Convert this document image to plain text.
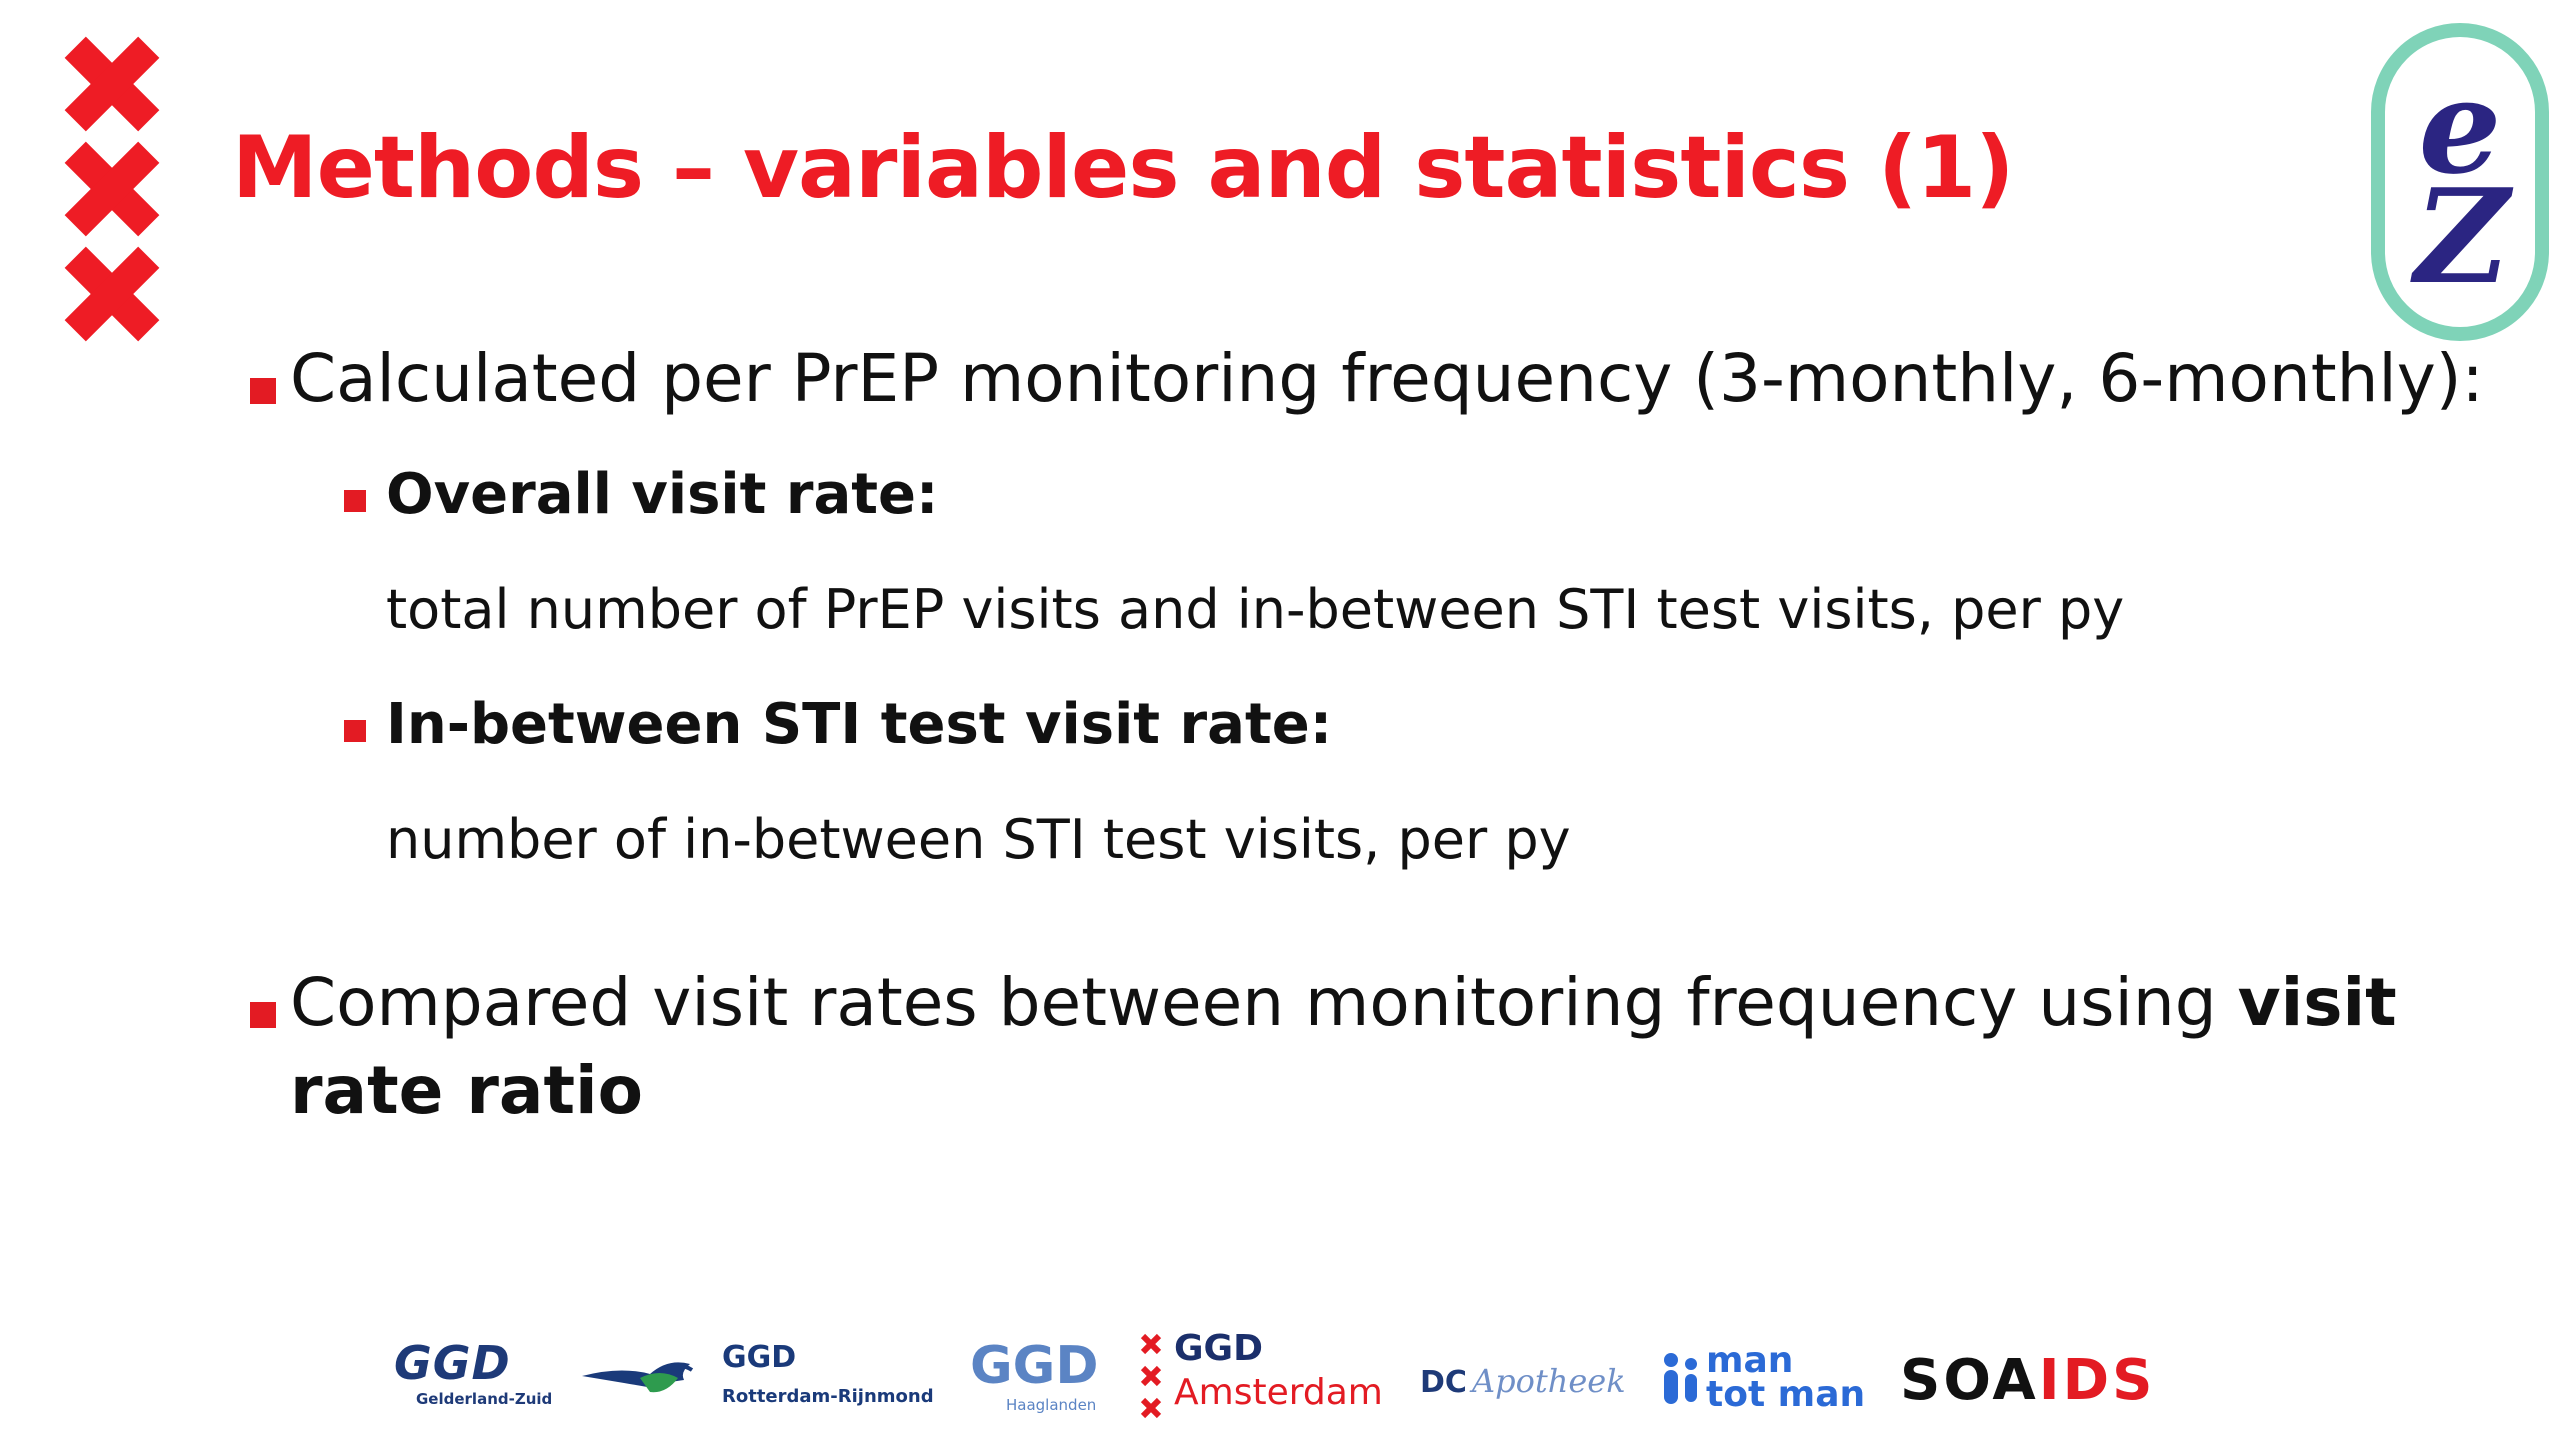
Methods – variables and statistics (1)	e
Z
Calculated per PrEP monitoring frequency (3-monthly, 6-monthly):
Overall visit rate:
total number of PrEP visits and in-between STI test visits, per py
In-between STI test visit rate:
number of in-between STI test visits, per py
Compared visit rates between monitoring frequency using visit
rate ratio
GGD
Gelderland-Zuid
GGD
Rotterdam-Rijnmond
GGD
Haaglanden
GGD
Amsterdam DC Apotheek man
tot man SOAIDS
